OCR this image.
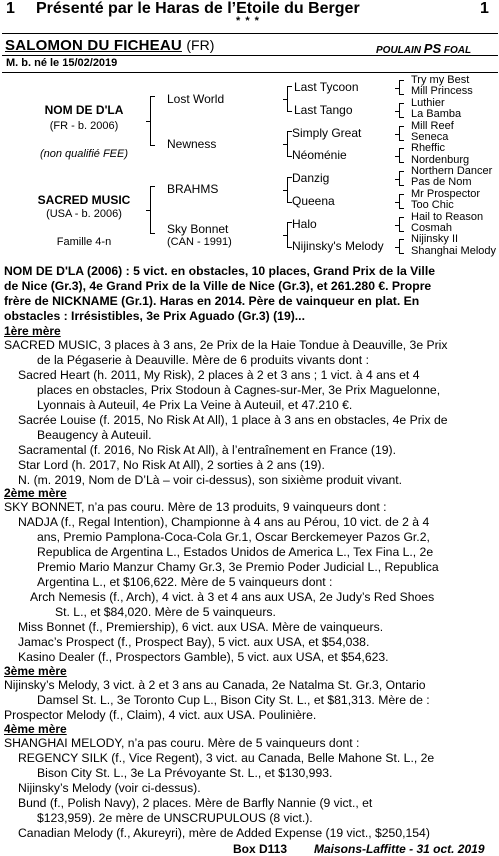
1 Présenté par le Haras de l’Etoile du Berger	1
* * *
SALOMON DU FICHEAU (FR)	POULAIN PS FOAL
M. b. né le 15/02/2019
NOM DE D'LA
(FR - b. 2006)
(non qualifié FEE)
SACRED MUSIC
(USA - b. 2006)
Famille 4-n
Lost World
Newness
BRAHMS
Sky Bonnet
(CAN - 1991)
Last Tycoon
Last Tango
Simply Great
Néoménie
Danzig
Queena
Halo
Nijinsky's Melody
Try my Best
Mill Princess
Luthier
La Bamba
Mill Reef
Seneca
Rheffic
Nordenburg
Northern Dancer
Pas de Nom
Mr Prospector
Too Chic
Hail to Reason
Cosmah
Nijinsky II
Shanghai Melody
NOM DE D'LA (2006) : 5 vict. en obstacles, 10 places, Grand Prix de la Ville
de Nice (Gr.3), 4e Grand Prix de la Ville de Nice (Gr.3), et 261.280 €. Propre
frère de NICKNAME (Gr.1). Haras en 2014. Père de vainqueur en plat. En
obstacles : Irrésistibles, 3e Prix Aguado (Gr.3) (19)...
1ère mère
SACRED MUSIC, 3 places à 3 ans, 2e Prix de la Haie Tondue à Deauville, 3e Prix
de la Pégaserie à Deauville. Mère de 6 produits vivants dont :
Sacred Heart (h. 2011, My Risk), 2 places à 2 et 3 ans ; 1 vict. à 4 ans et 4
places en obstacles, Prix Stodoun à Cagnes-sur-Mer, 3e Prix Maguelonne,
Lyonnais à Auteuil, 4e Prix La Veine à Auteuil, et 47.210 €.
Sacrée Louise (f. 2015, No Risk At All), 1 place à 3 ans en obstacles, 4e Prix de
Beaugency à Auteuil.
Sacramental (f. 2016, No Risk At All), à l’entraînement en France (19).
Star Lord (h. 2017, No Risk At All), 2 sorties à 2 ans (19).
N. (m. 2019, Nom de D’Là – voir ci-dessus), son sixième produit vivant.
2ème mère
SKY BONNET, n’a pas couru. Mère de 13 produits, 9 vainqueurs dont :
NADJA (f., Regal Intention), Championne à 4 ans au Pérou, 10 vict. de 2 à 4
ans, Premio Pamplona-Coca-Cola Gr.1, Oscar Berckemeyer Pazos Gr.2,
Republica de Argentina L., Estados Unidos de America L., Tex Fina L., 2e
Premio Mario Manzur Chamy Gr.3, 3e Premio Poder Judicial L., Republica
Argentina L., et $106,622. Mère de 5 vainqueurs dont :
Arch Nemesis (f., Arch), 4 vict. à 3 et 4 ans aux USA, 2e Judy’s Red Shoes
St. L., et $84,020. Mère de 5 vainqueurs.
Miss Bonnet (f., Premiership), 6 vict. aux USA. Mère de vainqueurs.
Jamac’s Prospect (f., Prospect Bay), 5 vict. aux USA, et $54,038.
Kasino Dealer (f., Prospectors Gamble), 5 vict. aux USA, et $54,623.
3ème mère
Nijinsky’s Melody, 3 vict. à 2 et 3 ans au Canada, 2e Natalma St. Gr.3, Ontario
Damsel St. L., 3e Toronto Cup L., Bison City St. L., et $81,313. Mère de :
Prospector Melody (f., Claim), 4 vict. aux USA. Poulinière.
4ème mère
SHANGHAI MELODY, n’a pas couru. Mère de 5 vainqueurs dont :
REGENCY SILK (f., Vice Regent), 3 vict. au Canada, Belle Mahone St. L., 2e
Bison City St. L., 3e La Prévoyante St. L., et $130,993.
Nijinsky’s Melody (voir ci-dessus).
Bund (f., Polish Navy), 2 places. Mère de Barfly Nannie (9 vict., et
$123,959). 2e mère de UNSCRUPULOUS (8 vict.).
Canadian Melody (f., Akureyri), mère de Added Expense (19 vict., $250,154)
Box D113 Maisons-Laffitte - 31 oct. 2019
